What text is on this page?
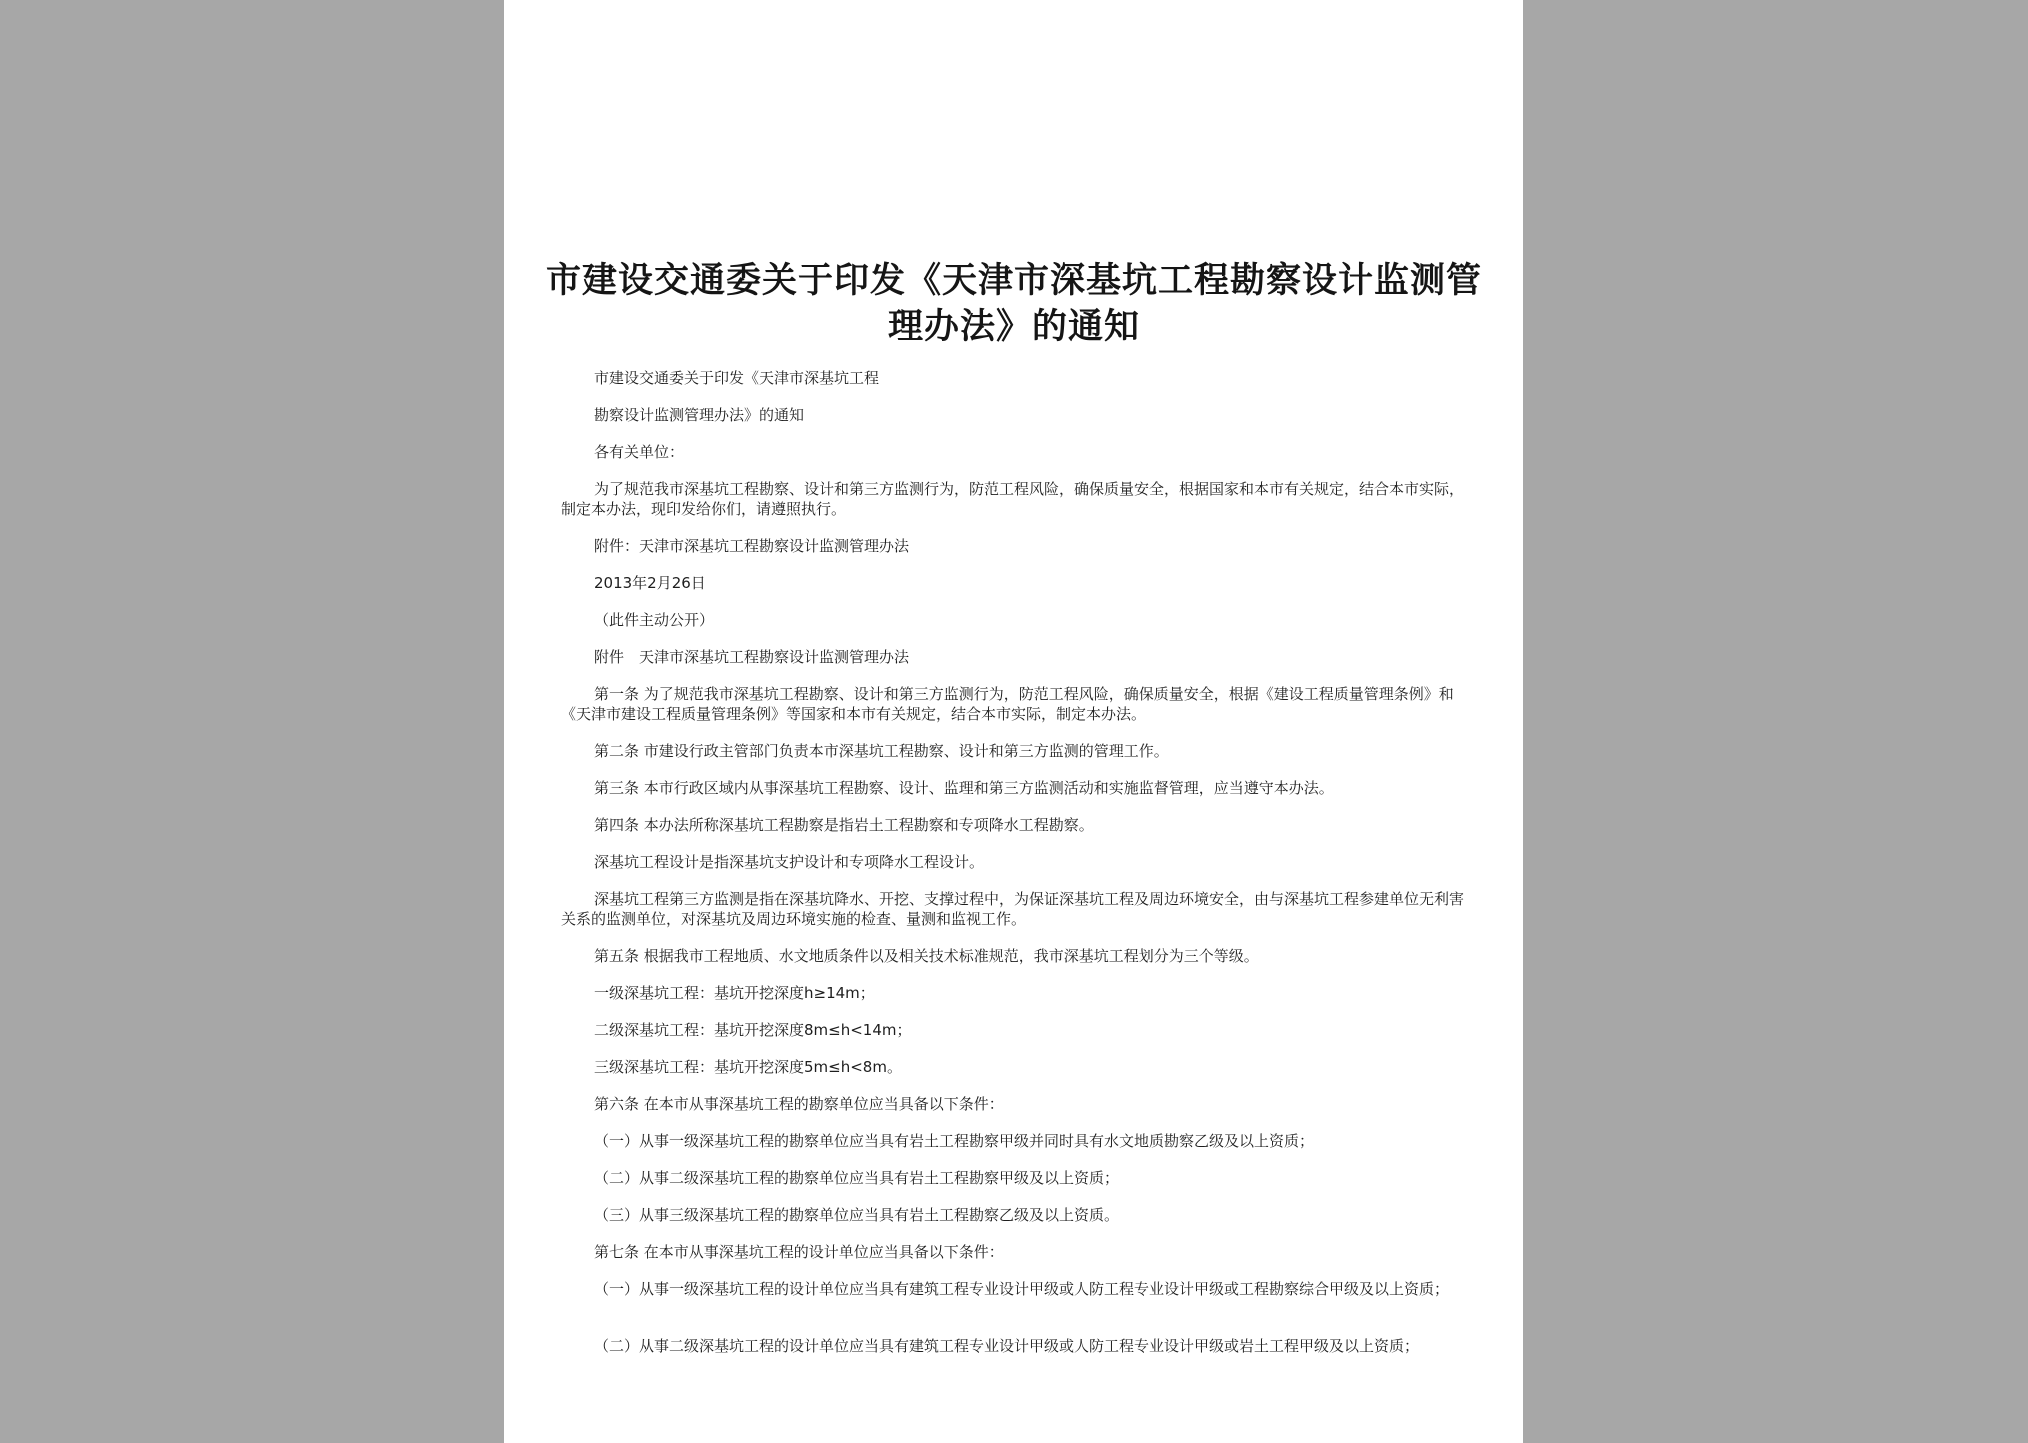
市建设交通委关于印发《天津市深基坑工程勘察设计监测管理办法》的通知
市建设交通委关于印发《天津市深基坑工程
勘察设计监测管理办法》的通知
各有关单位：
为了规范我市深基坑工程勘察、设计和第三方监测行为，防范工程风险，确保质量安全，根据国家和本市有关规定，结合本市实际，制定本办法，现印发给你们，请遵照执行。
附件：天津市深基坑工程勘察设计监测管理办法
2013年2月26日
（此件主动公开）
附件　天津市深基坑工程勘察设计监测管理办法
第一条 为了规范我市深基坑工程勘察、设计和第三方监测行为，防范工程风险，确保质量安全，根据《建设工程质量管理条例》和《天津市建设工程质量管理条例》等国家和本市有关规定，结合本市实际，制定本办法。
第二条 市建设行政主管部门负责本市深基坑工程勘察、设计和第三方监测的管理工作。
第三条 本市行政区域内从事深基坑工程勘察、设计、监理和第三方监测活动和实施监督管理，应当遵守本办法。
第四条 本办法所称深基坑工程勘察是指岩土工程勘察和专项降水工程勘察。
深基坑工程设计是指深基坑支护设计和专项降水工程设计。
深基坑工程第三方监测是指在深基坑降水、开挖、支撑过程中，为保证深基坑工程及周边环境安全，由与深基坑工程参建单位无利害关系的监测单位，对深基坑及周边环境实施的检查、量测和监视工作。
第五条 根据我市工程地质、水文地质条件以及相关技术标准规范，我市深基坑工程划分为三个等级。
一级深基坑工程：基坑开挖深度h≥14m；
二级深基坑工程：基坑开挖深度8m≤h<14m；
三级深基坑工程：基坑开挖深度5m≤h<8m。
第六条 在本市从事深基坑工程的勘察单位应当具备以下条件：
（一）从事一级深基坑工程的勘察单位应当具有岩土工程勘察甲级并同时具有水文地质勘察乙级及以上资质；
（二）从事二级深基坑工程的勘察单位应当具有岩土工程勘察甲级及以上资质；
（三）从事三级深基坑工程的勘察单位应当具有岩土工程勘察乙级及以上资质。
第七条 在本市从事深基坑工程的设计单位应当具备以下条件：
（一）从事一级深基坑工程的设计单位应当具有建筑工程专业设计甲级或人防工程专业设计甲级或工程勘察综合甲级及以上资质；
（二）从事二级深基坑工程的设计单位应当具有建筑工程专业设计甲级或人防工程专业设计甲级或岩土工程甲级及以上资质；
